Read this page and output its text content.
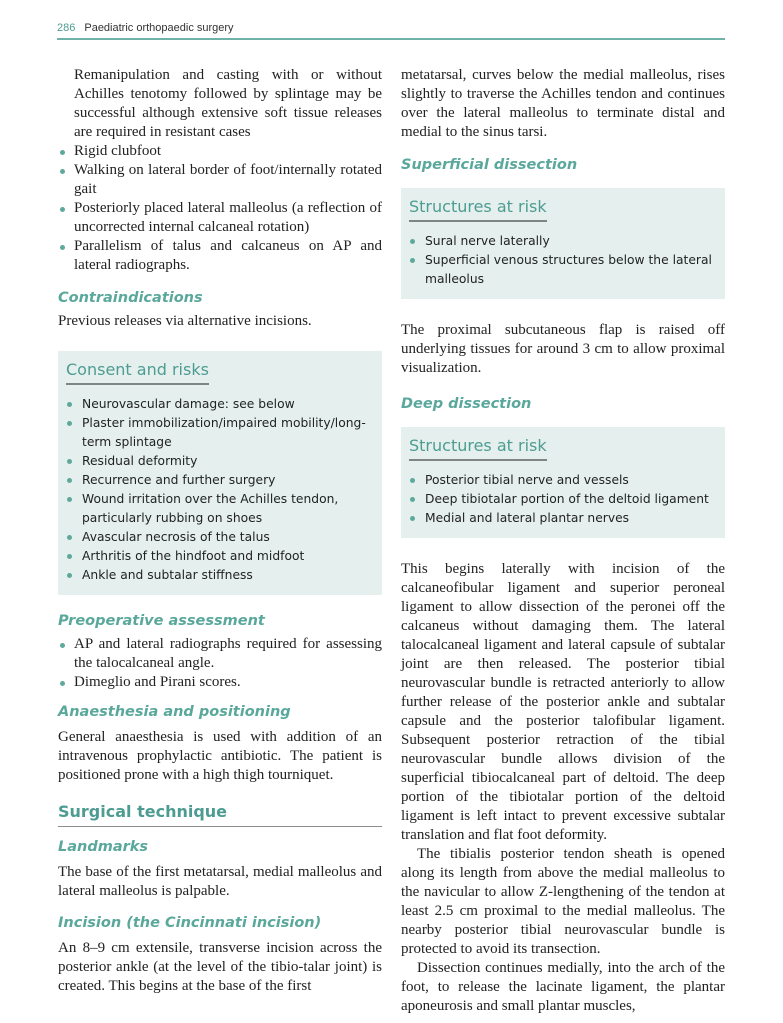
286 Paediatric orthopaedic surgery

Remanipulation and casting with or without Achilles tenotomy followed by splintage may be successful although extensive soft tissue releases are required in resistant cases

Rigid clubfoot
Walking on lateral border of foot/internally rotated gait
Posteriorly placed lateral malleolus (a reflection of uncorrected internal calcaneal rotation)
Parallelism of talus and calcaneus on AP and lateral radiographs.
Contraindications

Previous releases via alternative incisions.

Consent and risks
Neurovascular damage: see below
Plaster immobilization/impaired mobility/long-term splintage
Residual deformity
Recurrence and further surgery
Wound irritation over the Achilles tendon, particularly rubbing on shoes
Avascular necrosis of the talus
Arthritis of the hindfoot and midfoot
Ankle and subtalar stiffness
Preoperative assessment
AP and lateral radiographs required for assessing the talocalcaneal angle.
Dimeglio and Pirani scores.
Anaesthesia and positioning

General anaesthesia is used with addition of an intravenous prophylactic antibiotic. The patient is positioned prone with a high thigh tourniquet.

Surgical technique
Landmarks

The base of the first metatarsal, medial malleolus and lateral malleolus is palpable.

Incision (the Cincinnati incision)

An 8–9 cm extensile, transverse incision across the posterior ankle (at the level of the tibio-talar joint) is created. This begins at the base of the first

metatarsal, curves below the medial malleolus, rises slightly to traverse the Achilles tendon and continues over the lateral malleolus to terminate distal and medial to the sinus tarsi.

Superficial dissection
Structures at risk
Sural nerve laterally
Superficial venous structures below the lateral malleolus

The proximal subcutaneous flap is raised off underlying tissues for around 3 cm to allow proximal visualization.

Deep dissection
Structures at risk
Posterior tibial nerve and vessels
Deep tibiotalar portion of the deltoid ligament
Medial and lateral plantar nerves

This begins laterally with incision of the calcaneofibular ligament and superior peroneal ligament to allow dissection of the peronei off the calcaneus without damaging them. The lateral talocalcaneal ligament and lateral capsule of subtalar joint are then released. The posterior tibial neurovascular bundle is retracted anteriorly to allow further release of the posterior ankle and subtalar capsule and the posterior talofibular ligament. Subsequent posterior retraction of the tibial neurovascular bundle allows division of the superficial tibiocalcaneal part of deltoid. The deep portion of the tibiotalar portion of the deltoid ligament is left intact to prevent excessive subtalar translation and flat foot deformity.

The tibialis posterior tendon sheath is opened along its length from above the medial malleolus to the navicular to allow Z-lengthening of the tendon at least 2.5 cm proximal to the medial malleolus. The nearby posterior tibial neurovascular bundle is protected to avoid its transection.

Dissection continues medially, into the arch of the foot, to release the lacinate ligament, the plantar aponeurosis and small plantar muscles,
